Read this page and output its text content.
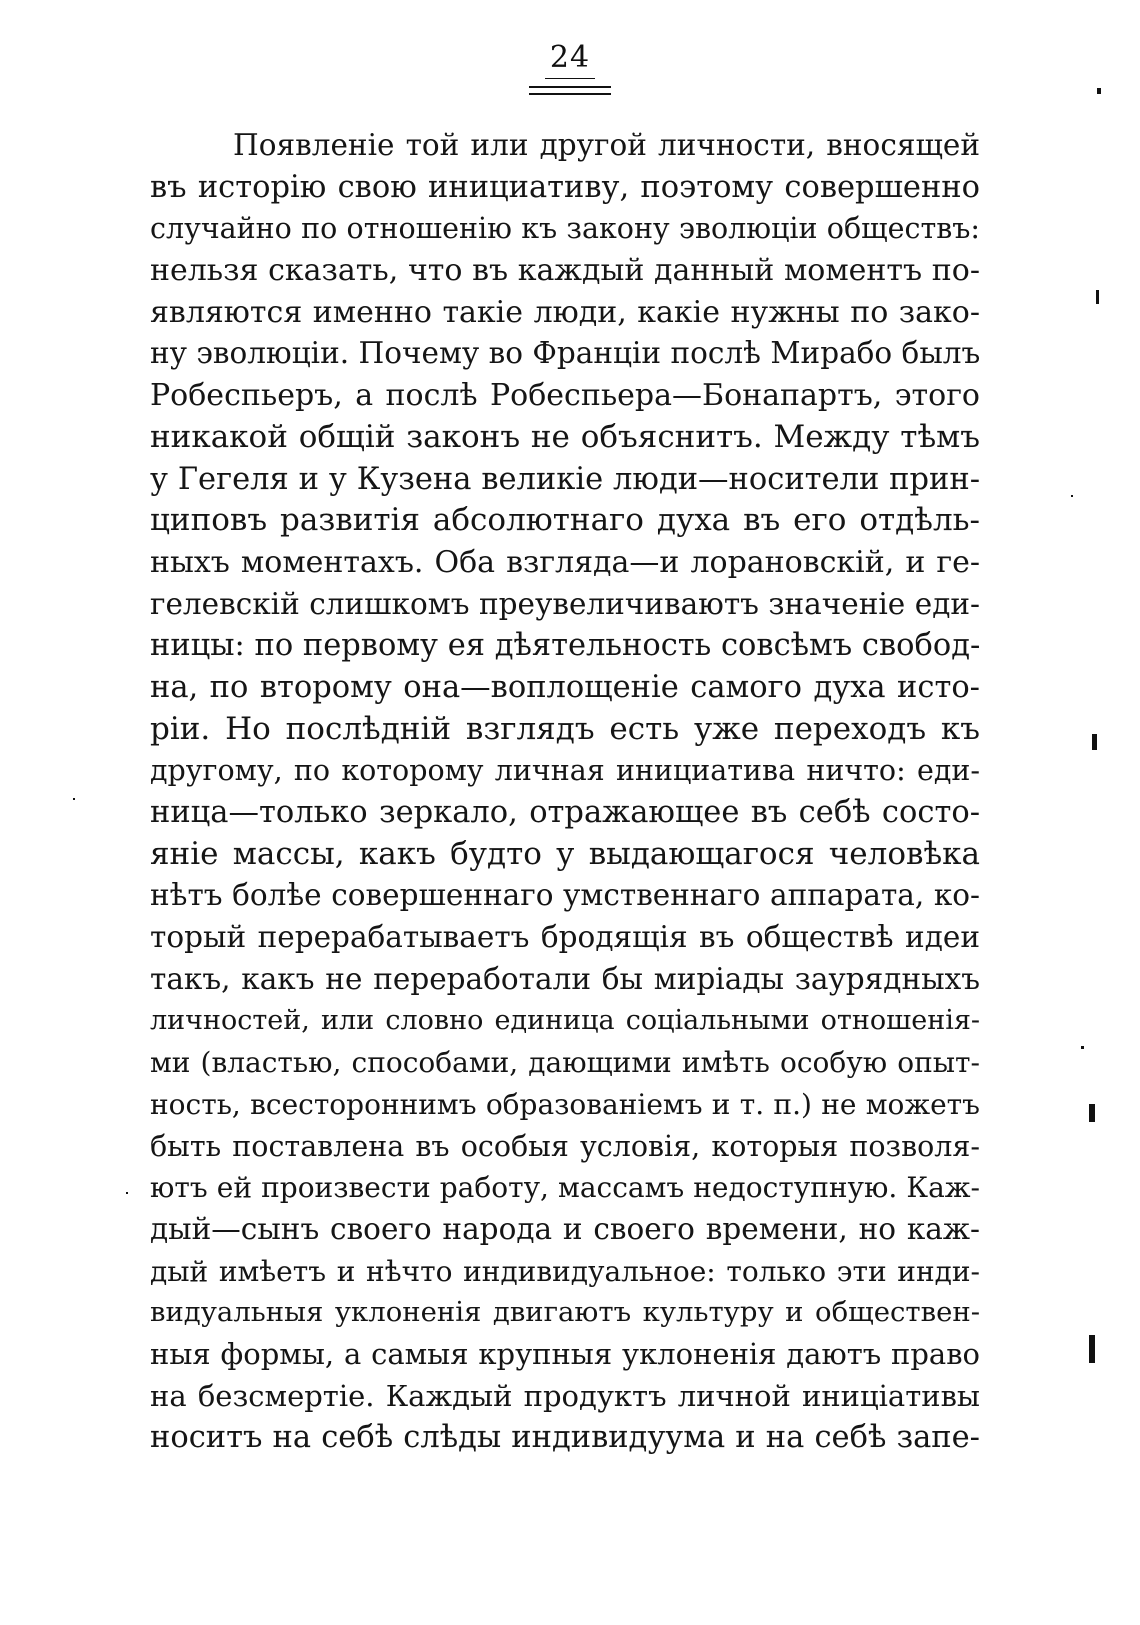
24
Появленіе той или другой личности, вносящей
въ исторію свою инициативу, поэтому совершенно
случайно по отношенію къ закону эволюціи обществъ:
нельзя сказать, что въ каждый данный моментъ по-
являются именно такіе люди, какіе нужны по зако-
ну эволюціи. Почему во Франціи послѣ Мирабо былъ
Робеспьеръ, а послѣ Робеспьера—Бонапартъ, этого
никакой общій законъ не объяснитъ. Между тѣмъ
у Гегеля и у Кузена великіе люди—носители прин-
циповъ развитія абсолютнаго духа въ его отдѣль-
ныхъ моментахъ. Оба взгляда—и лорановскій, и ге-
гелевскій слишкомъ преувеличиваютъ значеніе еди-
ницы: по первому ея дѣятельность совсѣмъ свобод-
на, по второму она—воплощеніе самого духа исто-
ріи. Но послѣдній взглядъ есть уже переходъ къ
другому, по которому личная инициатива ничто: еди-
ница—только зеркало, отражающее въ себѣ состо-
яніе массы, какъ будто у выдающагося человѣка
нѣтъ болѣе совершеннаго умственнаго аппарата, ко-
торый перерабатываетъ бродящія въ обществѣ идеи
такъ, какъ не переработали бы миріады заурядныхъ
личностей, или словно единица соціальными отношенія-
ми (властью, способами, дающими имѣть особую опыт-
ность, всестороннимъ образованіемъ и т. п.) не можетъ
быть поставлена въ особыя условія, которыя позволя-
ютъ ей произвести работу, массамъ недоступную. Каж-
дый—сынъ своего народа и своего времени, но каж-
дый имѣетъ и нѣчто индивидуальное: только эти инди-
видуальныя уклоненія двигаютъ культуру и обществен-
ныя формы, а самыя крупныя уклоненія даютъ право
на безсмертіе. Каждый продуктъ личной иниціативы
носитъ на себѣ слѣды индивидуума и на себѣ запе-
